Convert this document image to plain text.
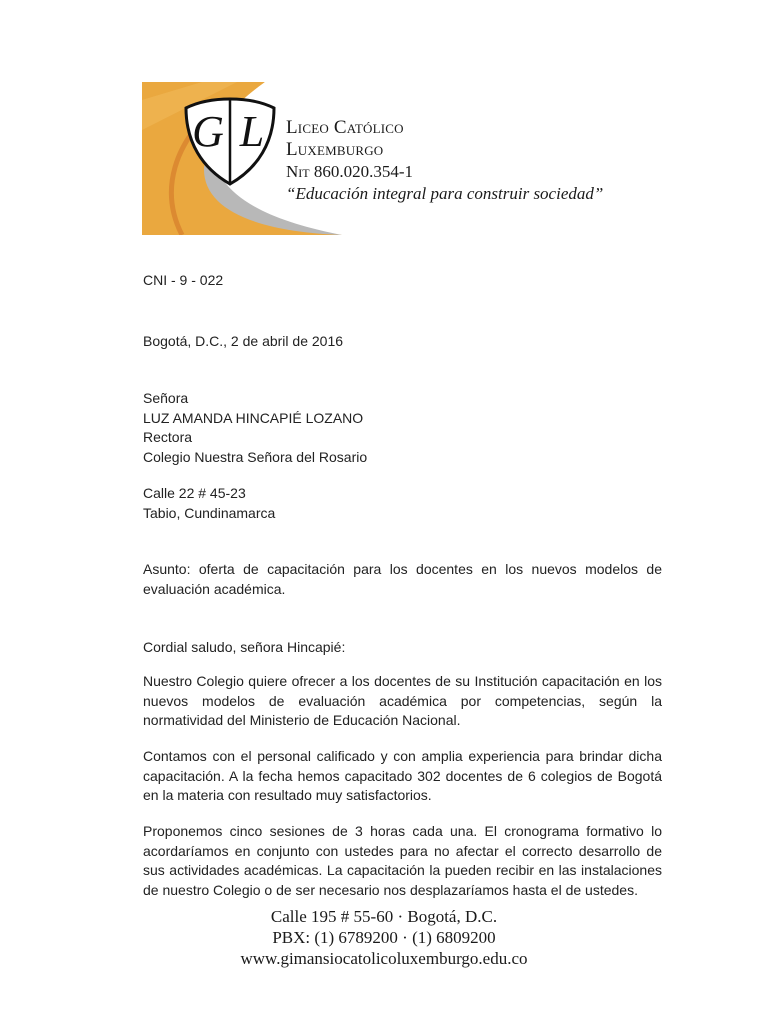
G L Liceo Católico
Luxemburgo
Nit 860.020.354-1
“Educación integral para construir sociedad”
CNI - 9 - 022
Bogotá, D.C., 2 de abril de 2016
Señora
LUZ AMANDA HINCAPIÉ LOZANO
Rectora
Colegio Nuestra Señora del Rosario
Calle 22 # 45-23
Tabio, Cundinamarca
Asunto: oferta de capacitación para los docentes en los nuevos modelos de evaluación académica.
Cordial saludo, señora Hincapié:
Nuestro Colegio quiere ofrecer a los docentes de su Institución capacitación en los nuevos modelos de evaluación académica por competencias, según la normatividad del Ministerio de Educación Nacional.
Contamos con el personal calificado y con amplia experiencia para brindar dicha capacitación. A la fecha hemos capacitado 302 docentes de 6 colegios de Bogotá en la materia con resultado muy satisfactorios.
Proponemos cinco sesiones de 3 horas cada una. El cronograma formativo lo acordaríamos en conjunto con ustedes para no afectar el correcto desarrollo de sus actividades académicas. La capacitación la pueden recibir en las instalaciones de nuestro Colegio o de ser necesario nos desplazaríamos hasta el de ustedes.
Calle 195 # 55-60 · Bogotá, D.C.
PBX: (1) 6789200 · (1) 6809200
www.gimansiocatolicoluxemburgo.edu.co
